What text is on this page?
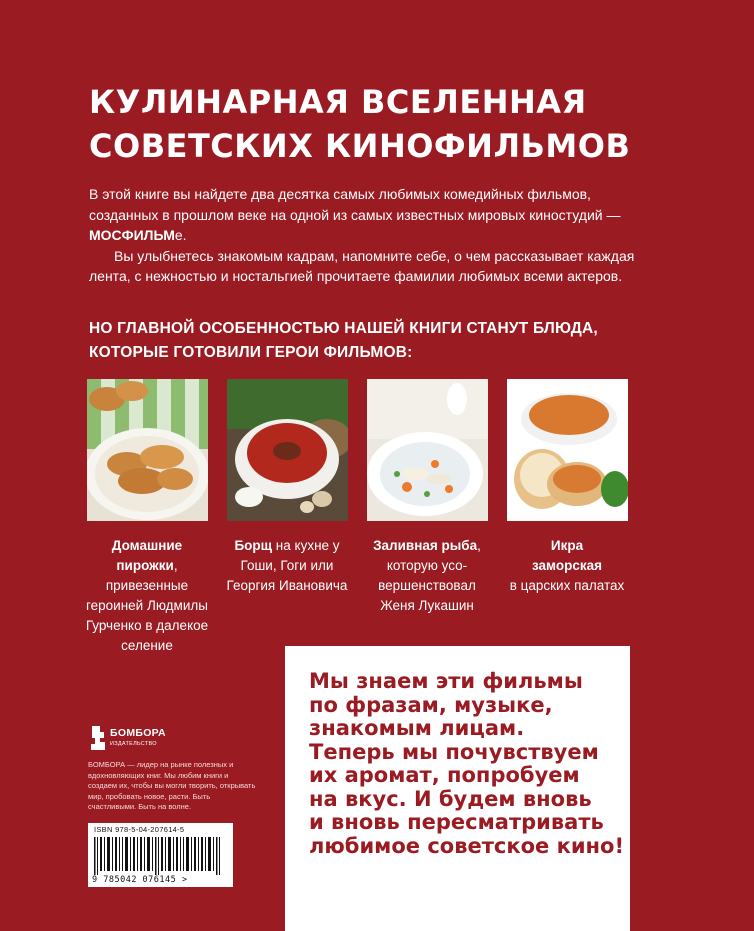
КУЛИНАРНАЯ ВСЕЛЕННАЯ
СОВЕТСКИХ КИНОФИЛЬМОВ

В этой книге вы найдете два десятка самых любимых комедийных фильмов, созданных в прошлом веке на одной из самых известных мировых киностудий — МОСФИЛЬМе.

Вы улыбнетесь знакомым кадрам, напомните себе, о чем рассказывает каждая лента, с нежностью и ностальгией прочитаете фамилии любимых всеми актеров.

НО ГЛАВНОЙ ОСОБЕННОСТЬЮ НАШЕЙ КНИГИ СТАНУТ БЛЮДА,
КОТОРЫЕ ГОТОВИЛИ ГЕРОИ ФИЛЬМОВ:
Домашние
пирожки, привезенные героиней Людмилы Гурченко в далекое селение
Борщ на кухне у Гоши, Гоги или Георгия Ивановича
Заливная рыба, которую усо-вершенствовал Женя Лукашин
Икра
заморская
в царских палатах
Мы знаем эти фильмы
по фразам, музыке,
знакомым лицам.
Теперь мы почувствуем
их аромат, попробуем
на вкус. И будем вновь
и вновь пересматривать
любимое советское кино!
БОМБОРА
ИЗДАТЕЛЬСТВО
БОМБОРА — лидер на рынке полезных и вдохновляющих книг. Мы любим книги и создаем их, чтобы вы могли творить, открывать мир, пробовать новое, расти. Быть счастливыми. Быть на волне.
ISBN 978-5-04-207614-5
9 785042 076145 >
